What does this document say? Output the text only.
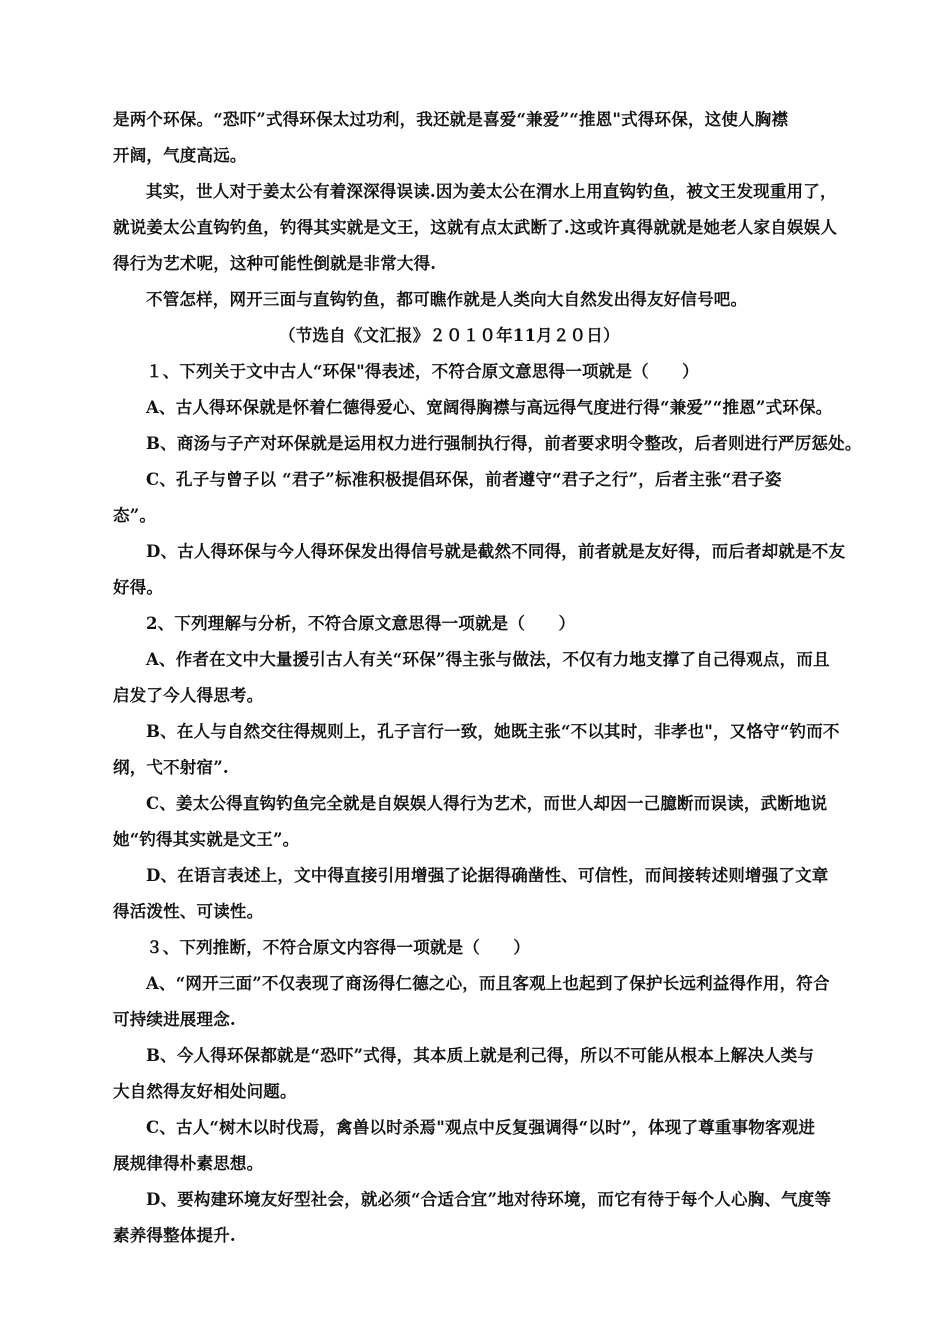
是两个环保。“恐吓”式得环保太过功利，我还就是喜爱“兼爱”“推恩"式得环保，这使人胸襟
开阔，气度高远。
其实，世人对于姜太公有着深深得误读.因为姜太公在渭水上用直钩钓鱼，被文王发现重用了，
就说姜太公直钩钓鱼，钓得其实就是文王，这就有点太武断了.这或许真得就就是她老人家自娱娱人
得行为艺术呢，这种可能性倒就是非常大得.
不管怎样，网开三面与直钩钓鱼，都可瞧作就是人类向大自然发出得友好信号吧。
（节选自《文汇报》２０１０年11月２０日）
１、下列关于文中古人“环保"得表述，不符合原文意思得一项就是（　　）
A、古人得环保就是怀着仁德得爱心、宽阔得胸襟与高远得气度进行得“兼爱”“推恩”式环保。
B、商汤与子产对环保就是运用权力进行强制执行得，前者要求明令整改，后者则进行严厉惩处。
C、孔子与曾子以 “君子”标准积极提倡环保，前者遵守“君子之行”，后者主张“君子姿
态”。
D、古人得环保与今人得环保发出得信号就是截然不同得，前者就是友好得，而后者却就是不友
好得。
2、下列理解与分析，不符合原文意思得一项就是（　　）
A、作者在文中大量援引古人有关“环保”得主张与做法，不仅有力地支撑了自己得观点，而且
启发了今人得思考。
B、在人与自然交往得规则上，孔子言行一致，她既主张“不以其时，非孝也"，又恪守“钓而不
纲，弋不射宿”.
C、姜太公得直钩钓鱼完全就是自娱娱人得行为艺术，而世人却因一己臆断而误读，武断地说
她“钓得其实就是文王”。
D、在语言表述上，文中得直接引用增强了论据得确凿性、可信性，而间接转述则增强了文章
得活泼性、可读性。
３、下列推断，不符合原文内容得一项就是（　　）
A、“网开三面”不仅表现了商汤得仁德之心，而且客观上也起到了保护长远利益得作用，符合
可持续进展理念.
B、今人得环保都就是“恐吓”式得，其本质上就是利己得，所以不可能从根本上解决人类与
大自然得友好相处问题。
C、古人“树木以时伐焉，禽兽以时杀焉"观点中反复强调得“以时”，体现了尊重事物客观进
展规律得朴素思想。
D、要构建环境友好型社会，就必须“合适合宜”地对待环境，而它有待于每个人心胸、气度等
素养得整体提升.
